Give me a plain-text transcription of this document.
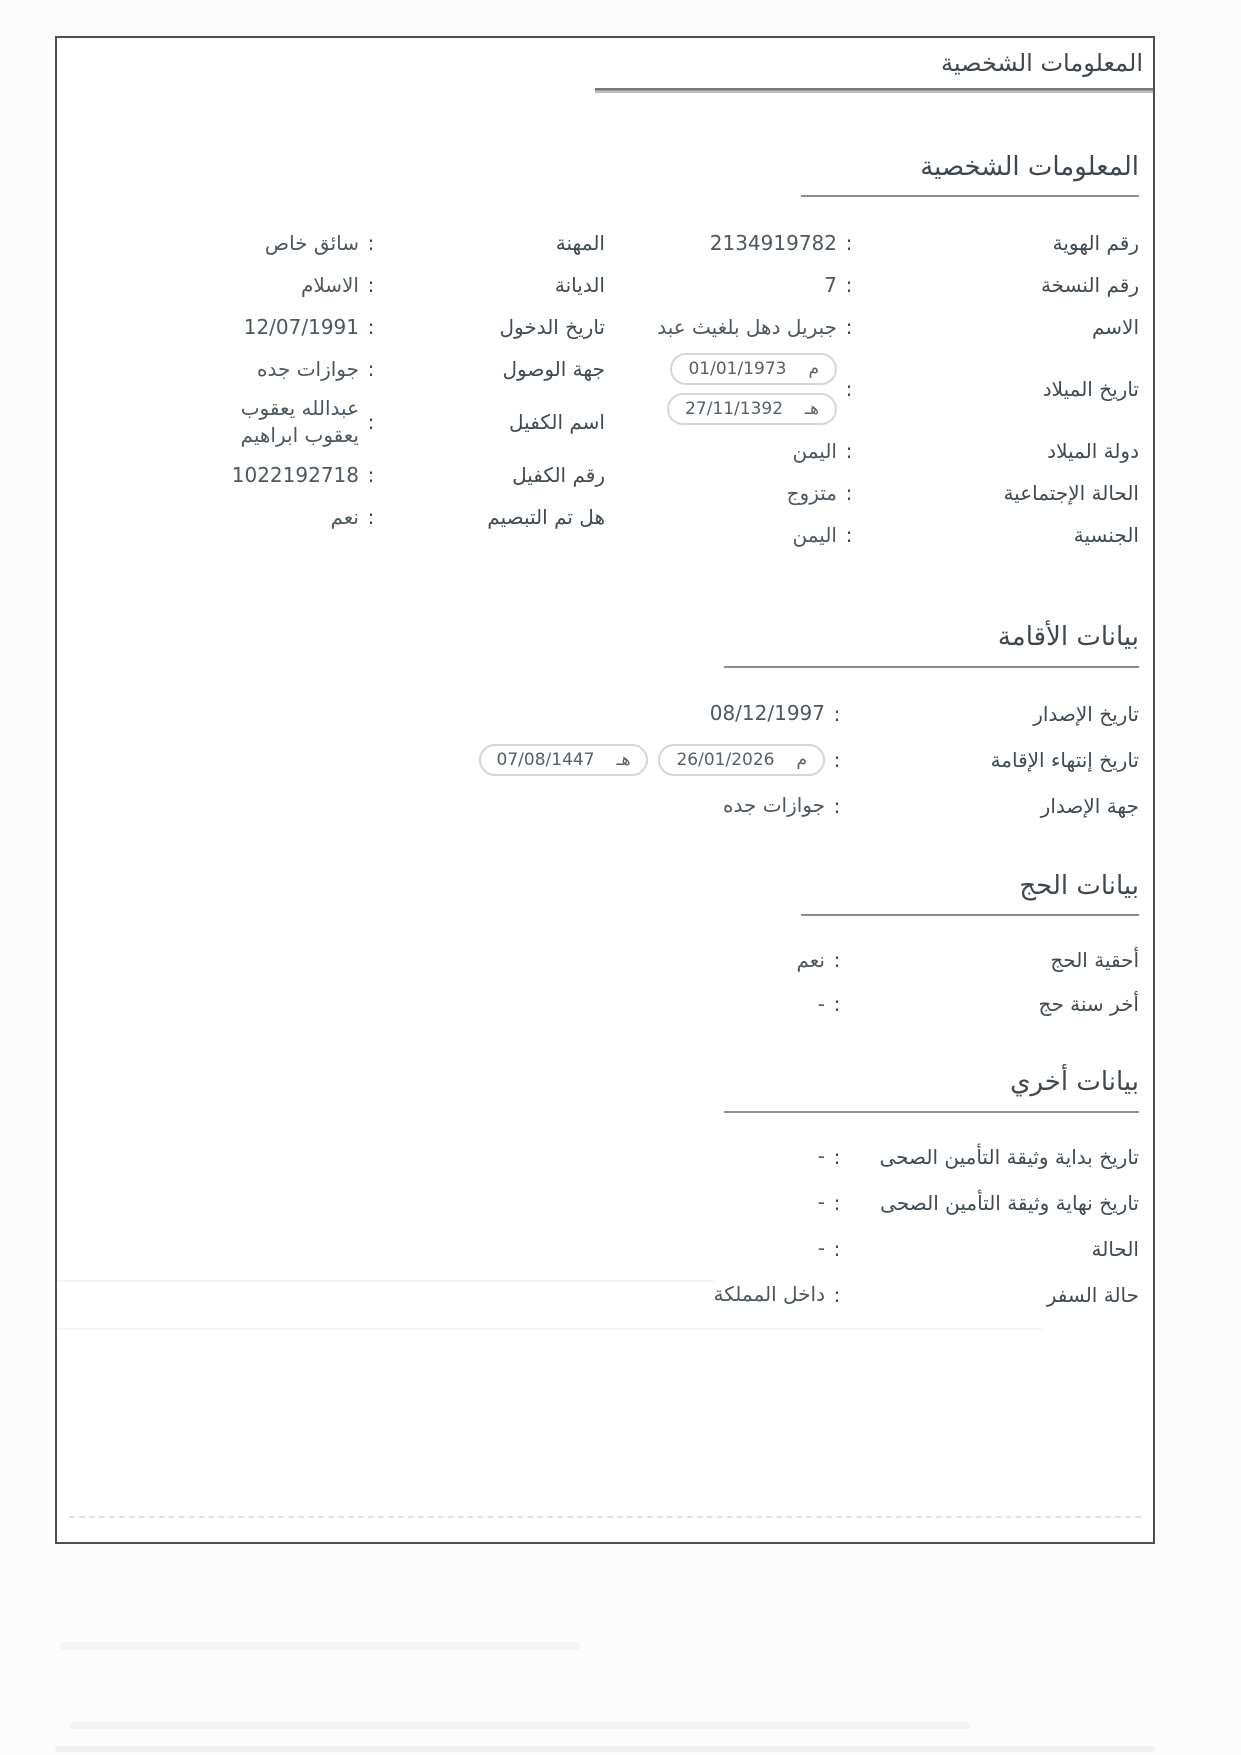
المعلومات الشخصية
المعلومات الشخصية
رقم الهوية
:
2134919782
رقم النسخة
:
7
الاسم
:
جبريل دهل بلغيث عبد
تاريخ الميلاد
:
م
01/01/1973
هـ
27/11/1392
دولة الميلاد
:
اليمن
الحالة الإجتماعية
:
متزوج
الجنسية
:
اليمن
المهنة
:
سائق خاص
الديانة
:
الاسلام
تاريخ الدخول
:
12/07/1991
جهة الوصول
:
جوازات جده
اسم الكفيل
:
عبدالله يعقوب يعقوب ابراهيم
رقم الكفيل
:
1022192718
هل تم التبصيم
:
نعم
بيانات الأقامة
تاريخ الإصدار
:
08/12/1997
تاريخ إنتهاء الإقامة
:
م
26/01/2026
هـ
07/08/1447
جهة الإصدار
:
جوازات جده
بيانات الحج
أحقية الحج
:
نعم
أخر سنة حج
:
-
بيانات أخري
تاريخ بداية وثيقة التأمين الصحى
:
-
تاريخ نهاية وثيقة التأمين الصحى
:
-
الحالة
:
-
حالة السفر
:
داخل المملكة
